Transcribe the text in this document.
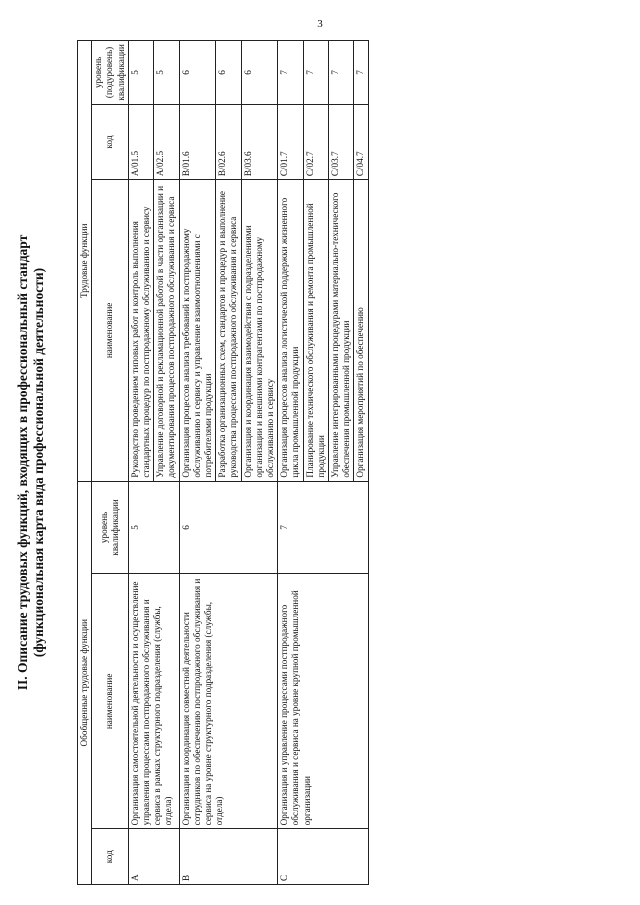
3
II. Описание трудовых функций, входящих в профессиональный стандарт (функциональная карта вида профессиональной деятельности)
Обобщенные трудовые функции			Трудовые функции		
код	наименование	уровень квалификации	наименование	код	уровень (подуровень) квалификации
A	Организация самостоятельной деятельности и осуществление управления процессами постпродажного обслуживания и сервиса в рамках структурного подразделения (службы, отдела)	5	Руководство проведением типовых работ и контроль выполнения стандартных процедур по постпродажному обслуживанию и сервису	A/01.5	5
			Управление договорной и рекламационной работой в части организации и документирования процессов постпродажного обслуживания и сервиса	A/02.5	5
B	Организация и координация совместной деятельности сотрудников по обеспечению постпродажного обслуживания и сервиса на уровне структурного подразделения (службы, отдела)	6	Организация процессов анализа требований к постпродажному обслуживанию и сервису и управление взаимоотношениями с потребителями продукции	B/01.6	6
			Разработка организационных схем, стандартов и процедур и выполнение руководства процессами постпродажного обслуживания и сервиса	B/02.6	6
			Организация и координация взаимодействия с подразделениями организации и внешними контрагентами по постпродажному обслуживанию и сервису	B/03.6	6
C	Организация и управление процессами постпродажного обслуживания и сервиса на уровне крупной промышленной организации	7	Организация процессов анализа логистической поддержки жизненного цикла промышленной продукции	C/01.7	7
			Планирование технического обслуживания и ремонта промышленной продукции	C/02.7	7
			Управление интегрированными процедурами материально-технического обеспечения промышленной продукции	C/03.7	7
			Организация мероприятий по обеспечению	C/04.7	7
